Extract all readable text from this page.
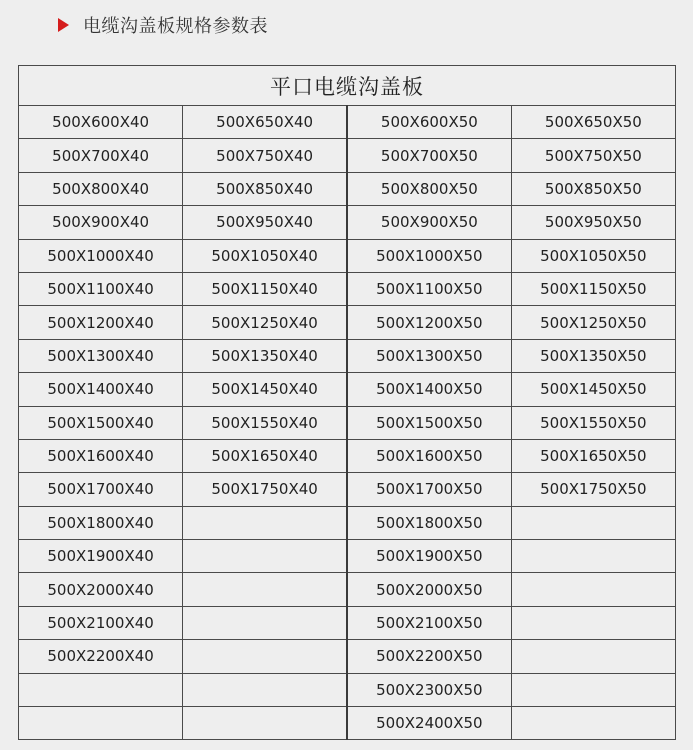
电缆沟盖板规格参数表
平口电缆沟盖板			
500X600X40	500X650X40	500X600X50	500X650X50
500X700X40	500X750X40	500X700X50	500X750X50
500X800X40	500X850X40	500X800X50	500X850X50
500X900X40	500X950X40	500X900X50	500X950X50
500X1000X40	500X1050X40	500X1000X50	500X1050X50
500X1100X40	500X1150X40	500X1100X50	500X1150X50
500X1200X40	500X1250X40	500X1200X50	500X1250X50
500X1300X40	500X1350X40	500X1300X50	500X1350X50
500X1400X40	500X1450X40	500X1400X50	500X1450X50
500X1500X40	500X1550X40	500X1500X50	500X1550X50
500X1600X40	500X1650X40	500X1600X50	500X1650X50
500X1700X40	500X1750X40	500X1700X50	500X1750X50
500X1800X40		500X1800X50	
500X1900X40		500X1900X50	
500X2000X40		500X2000X50	
500X2100X40		500X2100X50	
500X2200X40		500X2200X50	
		500X2300X50	
		500X2400X50	
